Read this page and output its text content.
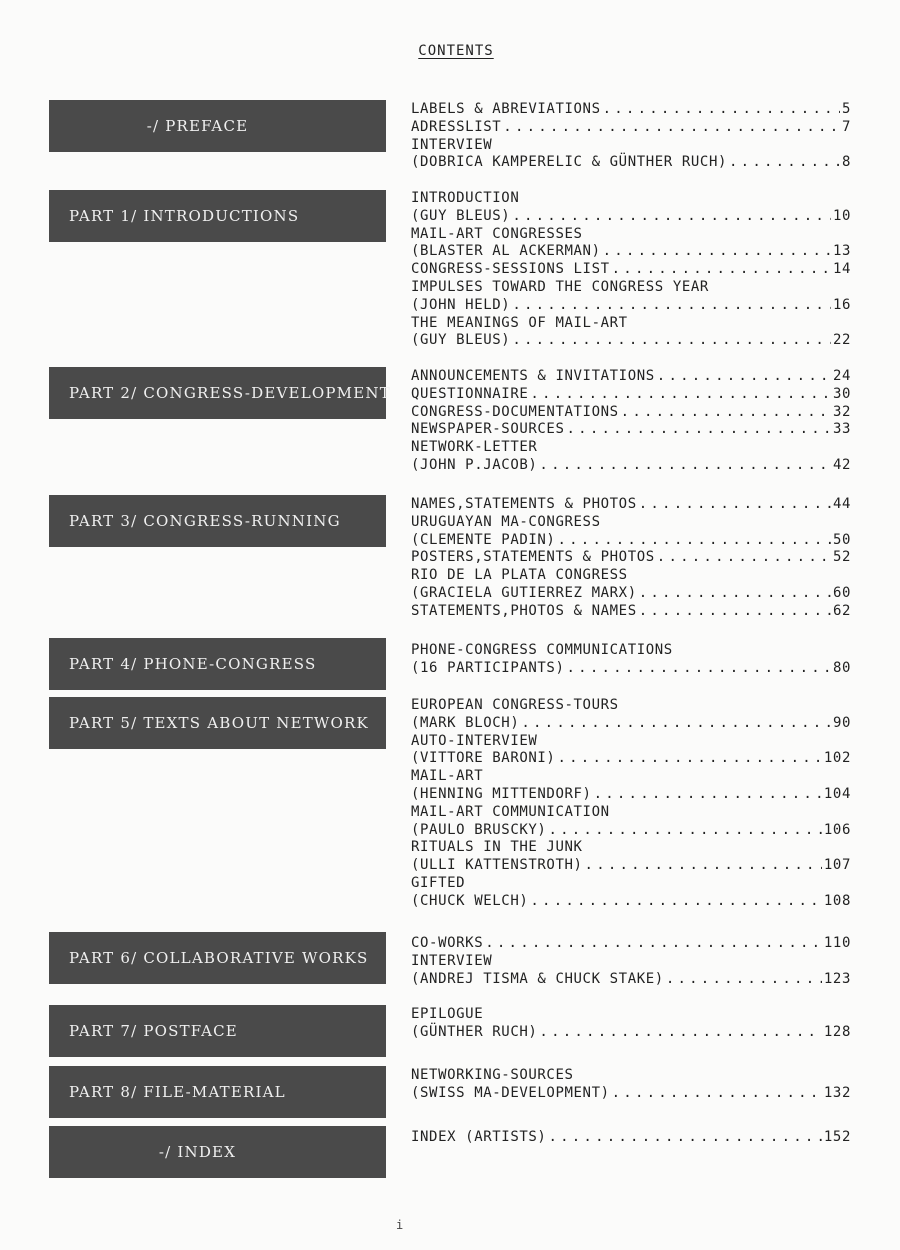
CONTENTS
-/ PREFACE
LABELS & ABREVIATIONS . . .	5
ADRESSLIST . . .	7
INTERVIEW
(DOBRICA KAMPERELIC & GÜNTHER RUCH) . . .	8
PART 1/ INTRODUCTIONS
INTRODUCTION
(GUY BLEUS) . . .	10
MAIL-ART CONGRESSES
(BLASTER AL ACKERMAN) . . .	13
CONGRESS-SESSIONS LIST . . .	14
IMPULSES TOWARD THE CONGRESS YEAR
(JOHN HELD) . . .	16
THE MEANINGS OF MAIL-ART
(GUY BLEUS) . . .	22
PART 2/ CONGRESS-DEVELOPMENT
ANNOUNCEMENTS & INVITATIONS . . .	24
QUESTIONNAIRE . . .	30
CONGRESS-DOCUMENTATIONS . . .	32
NEWSPAPER-SOURCES . . .	33
NETWORK-LETTER
(JOHN P.JACOB) . . .	42
PART 3/ CONGRESS-RUNNING
NAMES,STATEMENTS & PHOTOS . . .	44
URUGUAYAN MA-CONGRESS
(CLEMENTE PADIN) . . .	50
POSTERS,STATEMENTS & PHOTOS . . .	52
RIO DE LA PLATA CONGRESS
(GRACIELA GUTIERREZ MARX) . . .	60
STATEMENTS,PHOTOS & NAMES . . .	62
PART 4/ PHONE-CONGRESS
PHONE-CONGRESS COMMUNICATIONS
(16 PARTICIPANTS) . . .	80
PART 5/ TEXTS ABOUT NETWORK
EUROPEAN CONGRESS-TOURS
(MARK BLOCH) . . .	90
AUTO-INTERVIEW
(VITTORE BARONI) . . .	102
MAIL-ART
(HENNING MITTENDORF) . . .	104
MAIL-ART COMMUNICATION
(PAULO BRUSCKY) . . .	106
RITUALS IN THE JUNK
(ULLI KATTENSTROTH) . . .	107
GIFTED
(CHUCK WELCH) . . .	108
PART 6/ COLLABORATIVE WORKS
CO-WORKS . . .	110
INTERVIEW
(ANDREJ TISMA & CHUCK STAKE) . . .	123
PART 7/ POSTFACE
EPILOGUE
(GÜNTHER RUCH) . . .	128
PART 8/ FILE-MATERIAL
NETWORKING-SOURCES
(SWISS MA-DEVELOPMENT) . . .	132
-/ INDEX
INDEX (ARTISTS) . . .	152
i
